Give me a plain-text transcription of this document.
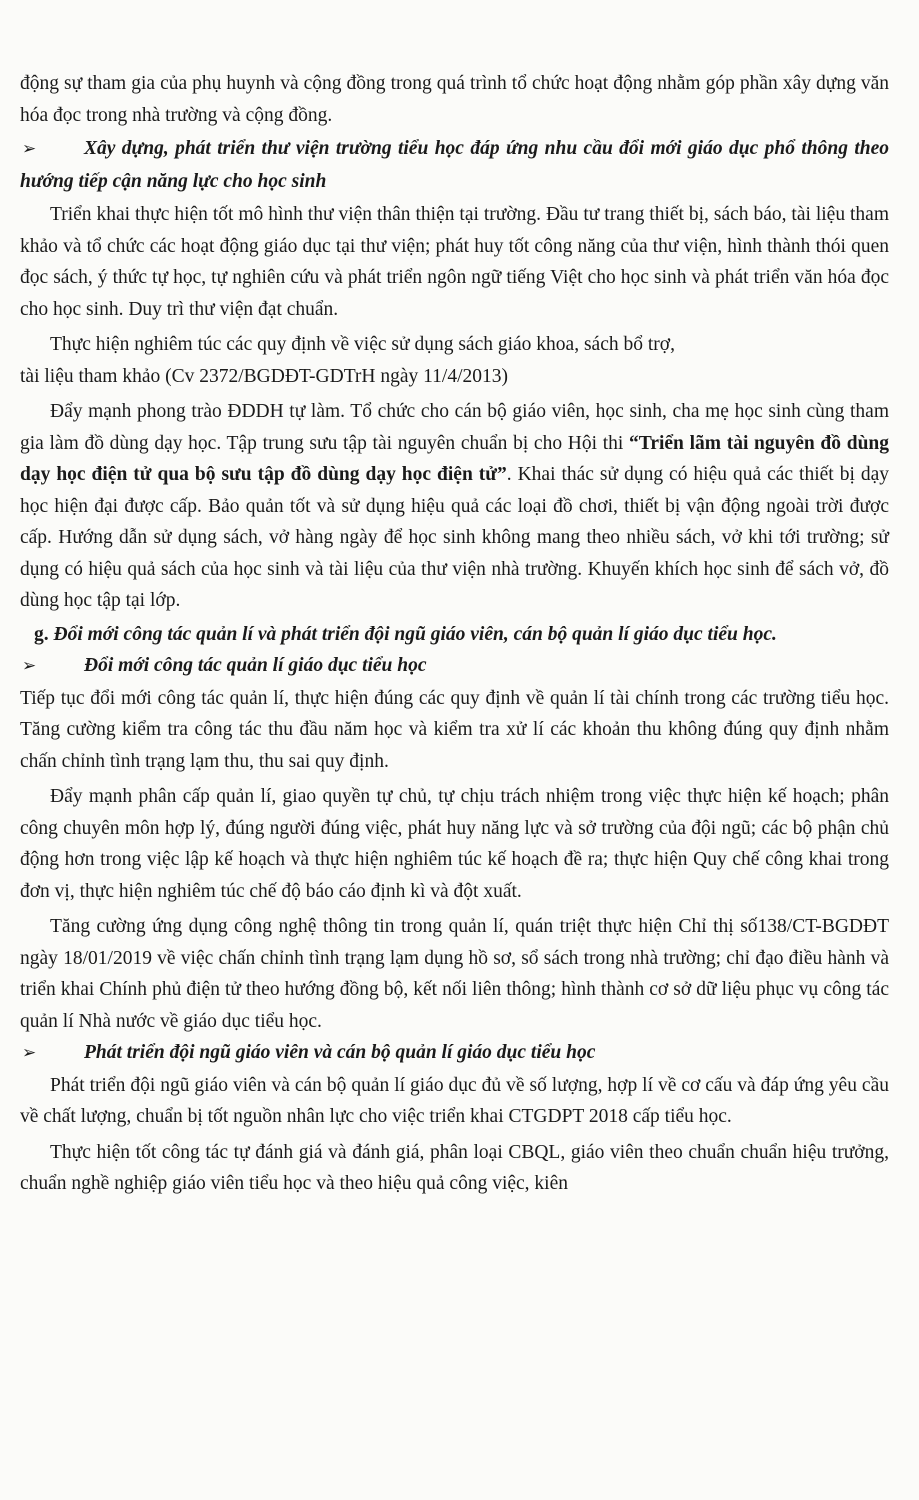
động sự tham gia của phụ huynh và cộng đồng trong quá trình tổ chức hoạt động nhằm góp phần xây dựng văn hóa đọc trong nhà trường và cộng đồng.

➢ Xây dựng, phát triển thư viện trường tiểu học đáp ứng nhu cầu đổi mới giáo dục phổ thông theo hướng tiếp cận năng lực cho học sinh

Triển khai thực hiện tốt mô hình thư viện thân thiện tại trường. Đầu tư trang thiết bị, sách báo, tài liệu tham khảo và tổ chức các hoạt động giáo dục tại thư viện; phát huy tốt công năng của thư viện, hình thành thói quen đọc sách, ý thức tự học, tự nghiên cứu và phát triển ngôn ngữ tiếng Việt cho học sinh và phát triển văn hóa đọc cho học sinh. Duy trì thư viện đạt chuẩn.

Thực hiện nghiêm túc các quy định về việc sử dụng sách giáo khoa, sách bổ trợ,

tài liệu tham khảo (Cv 2372/BGDĐT-GDTrH ngày 11/4/2013)

Đẩy mạnh phong trào ĐDDH tự làm. Tổ chức cho cán bộ giáo viên, học sinh, cha mẹ học sinh cùng tham gia làm đồ dùng dạy học. Tập trung sưu tập tài nguyên chuẩn bị cho Hội thi “Triển lãm tài nguyên đồ dùng dạy học điện tử qua bộ sưu tập đồ dùng dạy học điện tử”. Khai thác sử dụng có hiệu quả các thiết bị dạy học hiện đại được cấp. Bảo quản tốt và sử dụng hiệu quả các loại đồ chơi, thiết bị vận động ngoài trời được cấp. Hướng dẫn sử dụng sách, vở hàng ngày để học sinh không mang theo nhiều sách, vở khi tới trường; sử dụng có hiệu quả sách của học sinh và tài liệu của thư viện nhà trường. Khuyến khích học sinh để sách vở, đồ dùng học tập tại lớp.

g. Đổi mới công tác quản lí và phát triển đội ngũ giáo viên, cán bộ quản lí giáo dục tiểu học.

➢ Đổi mới công tác quản lí giáo dục tiểu học

Tiếp tục đổi mới công tác quản lí, thực hiện đúng các quy định về quản lí tài chính trong các trường tiểu học. Tăng cường kiểm tra công tác thu đầu năm học và kiểm tra xử lí các khoản thu không đúng quy định nhằm chấn chỉnh tình trạng lạm thu, thu sai quy định.

Đẩy mạnh phân cấp quản lí, giao quyền tự chủ, tự chịu trách nhiệm trong việc thực hiện kế hoạch; phân công chuyên môn hợp lý, đúng người đúng việc, phát huy năng lực và sở trường của đội ngũ; các bộ phận chủ động hơn trong việc lập kế hoạch và thực hiện nghiêm túc kế hoạch đề ra; thực hiện Quy chế công khai trong đơn vị, thực hiện nghiêm túc chế độ báo cáo định kì và đột xuất.

Tăng cường ứng dụng công nghệ thông tin trong quản lí, quán triệt thực hiện Chỉ thị số138/CT-BGDĐT ngày 18/01/2019 về việc chấn chỉnh tình trạng lạm dụng hồ sơ, sổ sách trong nhà trường; chỉ đạo điều hành và triển khai Chính phủ điện tử theo hướng đồng bộ, kết nối liên thông; hình thành cơ sở dữ liệu phục vụ công tác quản lí Nhà nước về giáo dục tiểu học.

➢ Phát triển đội ngũ giáo viên và cán bộ quản lí giáo dục tiểu học

Phát triển đội ngũ giáo viên và cán bộ quản lí giáo dục đủ về số lượng, hợp lí về cơ cấu và đáp ứng yêu cầu về chất lượng, chuẩn bị tốt nguồn nhân lực cho việc triển khai CTGDPT 2018 cấp tiểu học.

Thực hiện tốt công tác tự đánh giá và đánh giá, phân loại CBQL, giáo viên theo chuẩn chuẩn hiệu trưởng, chuẩn nghề nghiệp giáo viên tiểu học và theo hiệu quả công việc, kiên
